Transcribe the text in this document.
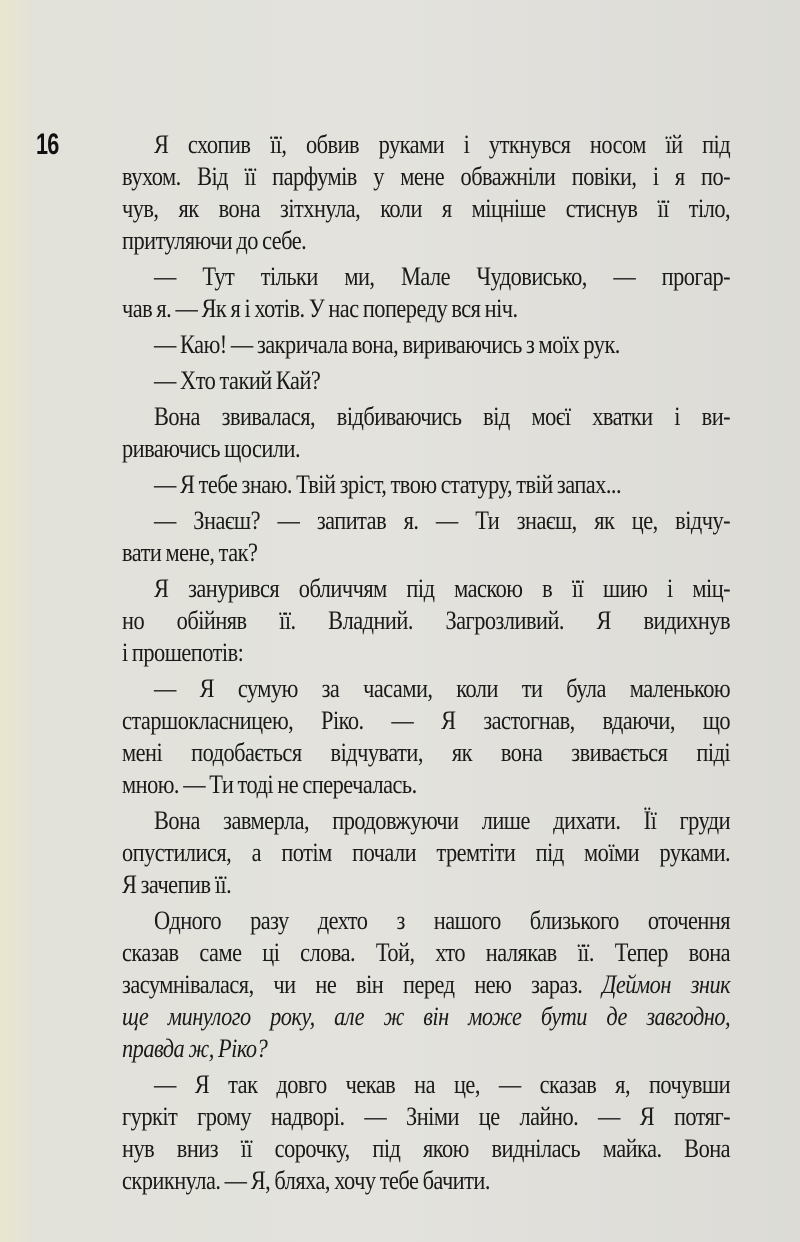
16	Я схопив її, обвив руками і уткнувся носом їй під
вухом. Від її парфумів у мене обважніли повіки, і я по-
чув, як вона зітхнула, коли я міцніше стиснув її тіло,
притуляючи до себе.
— Тут тільки ми, Мале Чудовисько, — прогар-
чав я. — Як я і хотів. У нас попереду вся ніч.
— Каю! — закричала вона, вириваючись з моїх рук.
— Хто такий Кай?
Вона звивалася, відбиваючись від моєї хватки і ви-
риваючись щосили.
— Я тебе знаю. Твій зріст, твою статуру, твій запах...
— Знаєш? — запитав я. — Ти знаєш, як це, відчу-
вати мене, так?
Я занурився обличчям під маскою в її шию і міц-
но обійняв її. Владний. Загрозливий. Я видихнув
і прошепотів:
— Я сумую за часами, коли ти була маленькою
старшокласницею, Ріко. — Я застогнав, вдаючи, що
мені подобається відчувати, як вона звивається піді
мною. — Ти тоді не сперечалась.
Вона завмерла, продовжуючи лише дихати. Її груди
опустилися, а потім почали тремтіти під моїми руками.
Я зачепив її.
Одного разу дехто з нашого близького оточення
сказав саме ці слова. Той, хто налякав її. Тепер вона
засумнівалася, чи не він перед нею зараз. Деймон зник
ще минулого року, але ж він може бути де завгодно,
правда ж, Ріко?
— Я так довго чекав на це, — сказав я, почувши
гуркіт грому надворі. — Зніми це лайно. — Я потяг-
нув вниз її сорочку, під якою виднілась майка. Вона
скрикнула. — Я, бляха, хочу тебе бачити.
